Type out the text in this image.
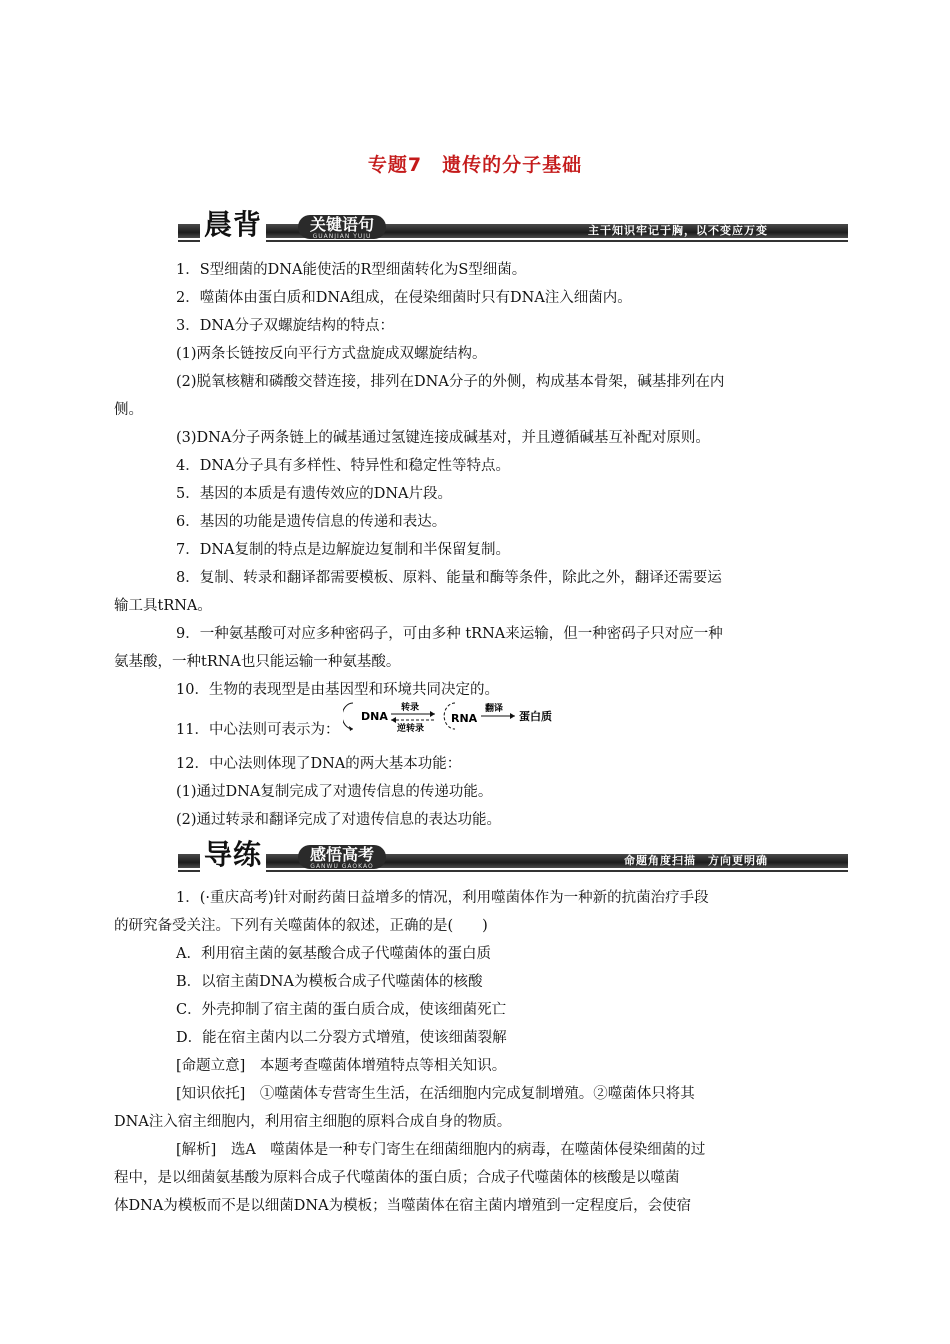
专题7　遗传的分子基础
晨背	关键语句
GUANJIAN YUJU	主干知识牢记于胸，以不变应万变

1．S型细菌的DNA能使活的R型细菌转化为S型细菌。

2．噬菌体由蛋白质和DNA组成，在侵染细菌时只有DNA注入细菌内。

3．DNA分子双螺旋结构的特点：

(1)两条长链按反向平行方式盘旋成双螺旋结构。

(2)脱氧核糖和磷酸交替连接，排列在DNA分子的外侧，构成基本骨架，碱基排列在内

侧。

(3)DNA分子两条链上的碱基通过氢键连接成碱基对，并且遵循碱基互补配对原则。

4．DNA分子具有多样性、特异性和稳定性等特点。

5．基因的本质是有遗传效应的DNA片段。

6．基因的功能是遗传信息的传递和表达。

7．DNA复制的特点是边解旋边复制和半保留复制。

8．复制、转录和翻译都需要模板、原料、能量和酶等条件，除此之外，翻译还需要运

输工具tRNA。

9．一种氨基酸可对应多种密码子，可由多种 tRNA来运输，但一种密码子只对应一种

氨基酸，一种tRNA也只能运输一种氨基酸。

10．生物的表现型是由基因型和环境共同决定的。

11．中心法则可表示为：
DNA
转录
逆转录
RNA
翻译
蛋白质

12．中心法则体现了DNA的两大基本功能：

(1)通过DNA复制完成了对遗传信息的传递功能。

(2)通过转录和翻译完成了对遗传信息的表达功能。

导练	感悟高考
GANWU GAOKAO	命题角度扫描　方向更明确

1．(·重庆高考)针对耐药菌日益增多的情况，利用噬菌体作为一种新的抗菌治疗手段

的研究备受关注。下列有关噬菌体的叙述，正确的是(　　)

A．利用宿主菌的氨基酸合成子代噬菌体的蛋白质

B．以宿主菌DNA为模板合成子代噬菌体的核酸

C．外壳抑制了宿主菌的蛋白质合成，使该细菌死亡

D．能在宿主菌内以二分裂方式增殖，使该细菌裂解

[命题立意]　本题考查噬菌体增殖特点等相关知识。

[知识依托]　①噬菌体专营寄生生活，在活细胞内完成复制增殖。②噬菌体只将其

DNA注入宿主细胞内，利用宿主细胞的原料合成自身的物质。

[解析]　选A　噬菌体是一种专门寄生在细菌细胞内的病毒，在噬菌体侵染细菌的过

程中，是以细菌氨基酸为原料合成子代噬菌体的蛋白质；合成子代噬菌体的核酸是以噬菌

体DNA为模板而不是以细菌DNA为模板；当噬菌体在宿主菌内增殖到一定程度后，会使宿
